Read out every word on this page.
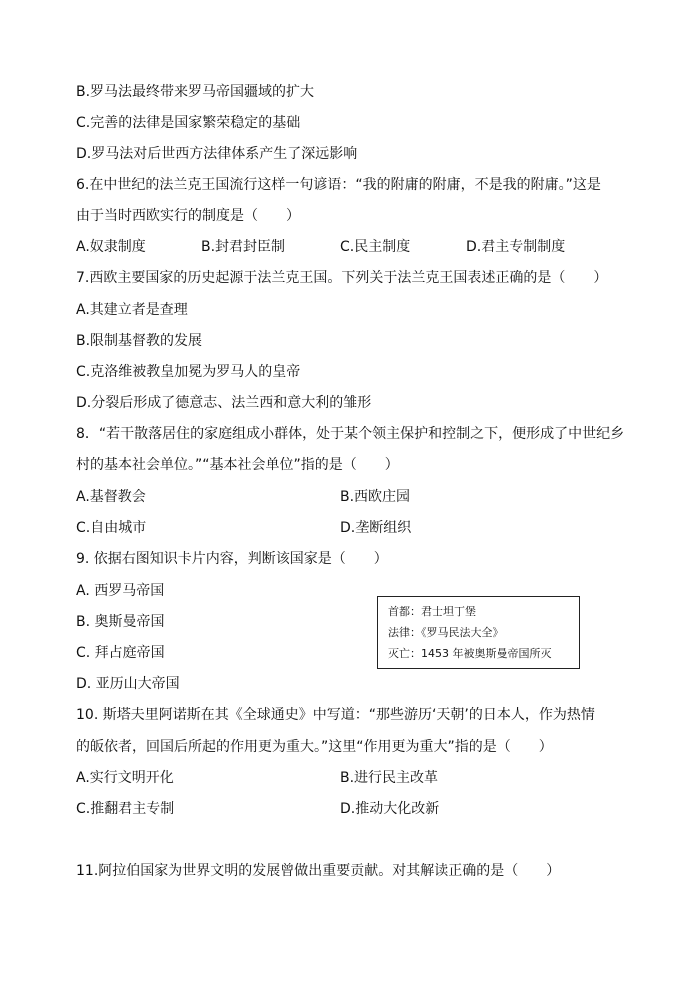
B.罗马法最终带来罗马帝国疆域的扩大
C.完善的法律是国家繁荣稳定的基础
D.罗马法对后世西方法律体系产生了深远影响
6.在中世纪的法兰克王国流行这样一句谚语：“我的附庸的附庸，不是我的附庸。”这是
由于当时西欧实行的制度是（　　）
A.奴隶制度	B.封君封臣制	C.民主制度	D.君主专制制度
7.西欧主要国家的历史起源于法兰克王国。下列关于法兰克王国表述正确的是（　　）
A.其建立者是查理
B.限制基督教的发展
C.克洛维被教皇加冕为罗马人的皇帝
D.分裂后形成了德意志、法兰西和意大利的雏形
8．“若干散落居住的家庭组成小群体，处于某个领主保护和控制之下，便形成了中世纪乡
村的基本社会单位。”“基本社会单位”指的是（　　）
A.基督教会	B.西欧庄园
C.自由城市	D.垄断组织
9. 依据右图知识卡片内容，判断该国家是（　　）
A. 西罗马帝国
B. 奥斯曼帝国
C. 拜占庭帝国
D. 亚历山大帝国
首都：君士坦丁堡
法律：《罗马民法大全》
灭亡：1453 年被奥斯曼帝国所灭
10. 斯塔夫里阿诺斯在其《全球通史》中写道：“那些游历‘天朝’的日本人，作为热情
的皈依者，回国后所起的作用更为重大。”这里“作用更为重大”指的是（　　）
A.实行文明开化	B.进行民主改革
C.推翻君主专制	D.推动大化改新
11.阿拉伯国家为世界文明的发展曾做出重要贡献。对其解读正确的是（　　）
